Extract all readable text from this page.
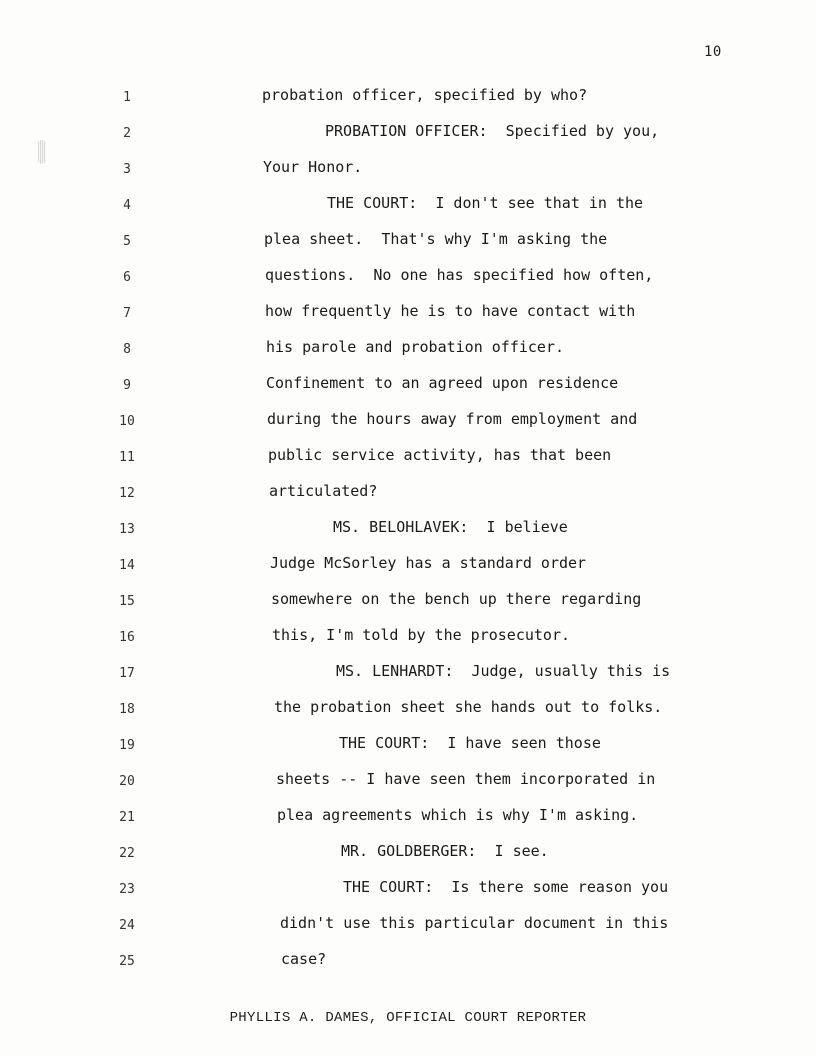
10
1	probation officer, specified by who?
2	PROBATION OFFICER:  Specified by you,
3	Your Honor.
4	THE COURT:  I don't see that in the
5	plea sheet.  That's why I'm asking the
6	questions.  No one has specified how often,
7	how frequently he is to have contact with
8	his parole and probation officer.
9	Confinement to an agreed upon residence
10	during the hours away from employment and
11	public service activity, has that been
12	articulated?
13	MS. BELOHLAVEK:  I believe
14	Judge McSorley has a standard order
15	somewhere on the bench up there regarding
16	this, I'm told by the prosecutor.
17	MS. LENHARDT:  Judge, usually this is
18	the probation sheet she hands out to folks.
19	THE COURT:  I have seen those
20	sheets -- I have seen them incorporated in
21	plea agreements which is why I'm asking.
22	MR. GOLDBERGER:  I see.
23	THE COURT:  Is there some reason you
24	didn't use this particular document in this
25	case?
PHYLLIS A. DAMES, OFFICIAL COURT REPORTER
